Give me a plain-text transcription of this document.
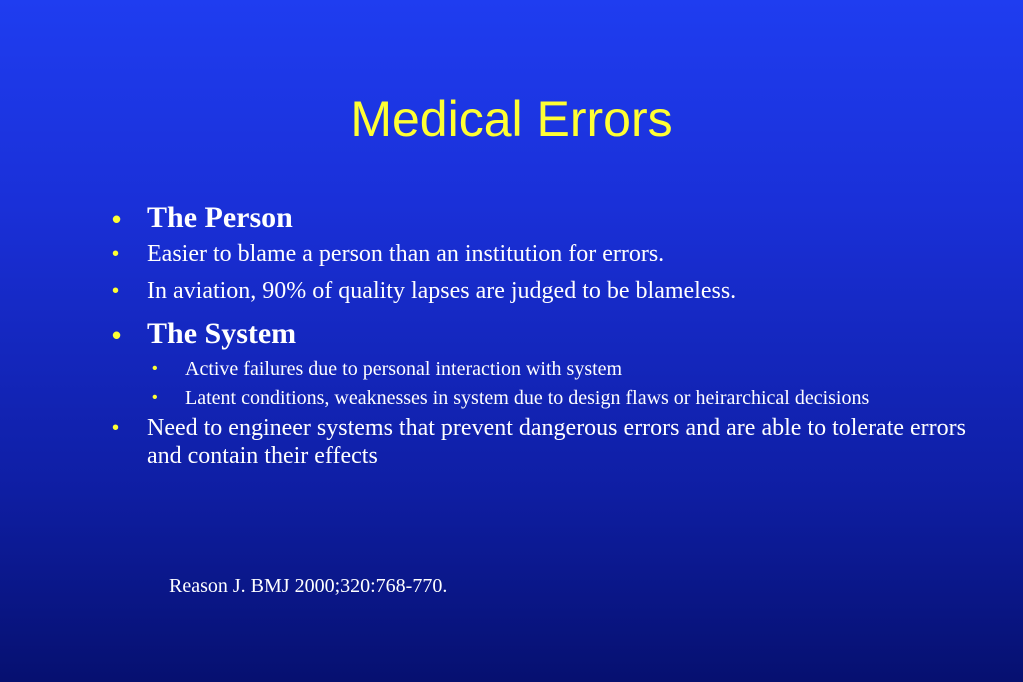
Medical Errors
• The Person
• Easier to blame a person than an institution for errors.
• In aviation, 90% of quality lapses are judged to be blameless.
• The System
• Active failures due to personal interaction with system
• Latent conditions, weaknesses in system due to design flaws or heirarchical decisions
• Need to engineer systems that prevent dangerous errors and are able to tolerate errors and contain their effects
Reason J. BMJ 2000;320:768-770.
